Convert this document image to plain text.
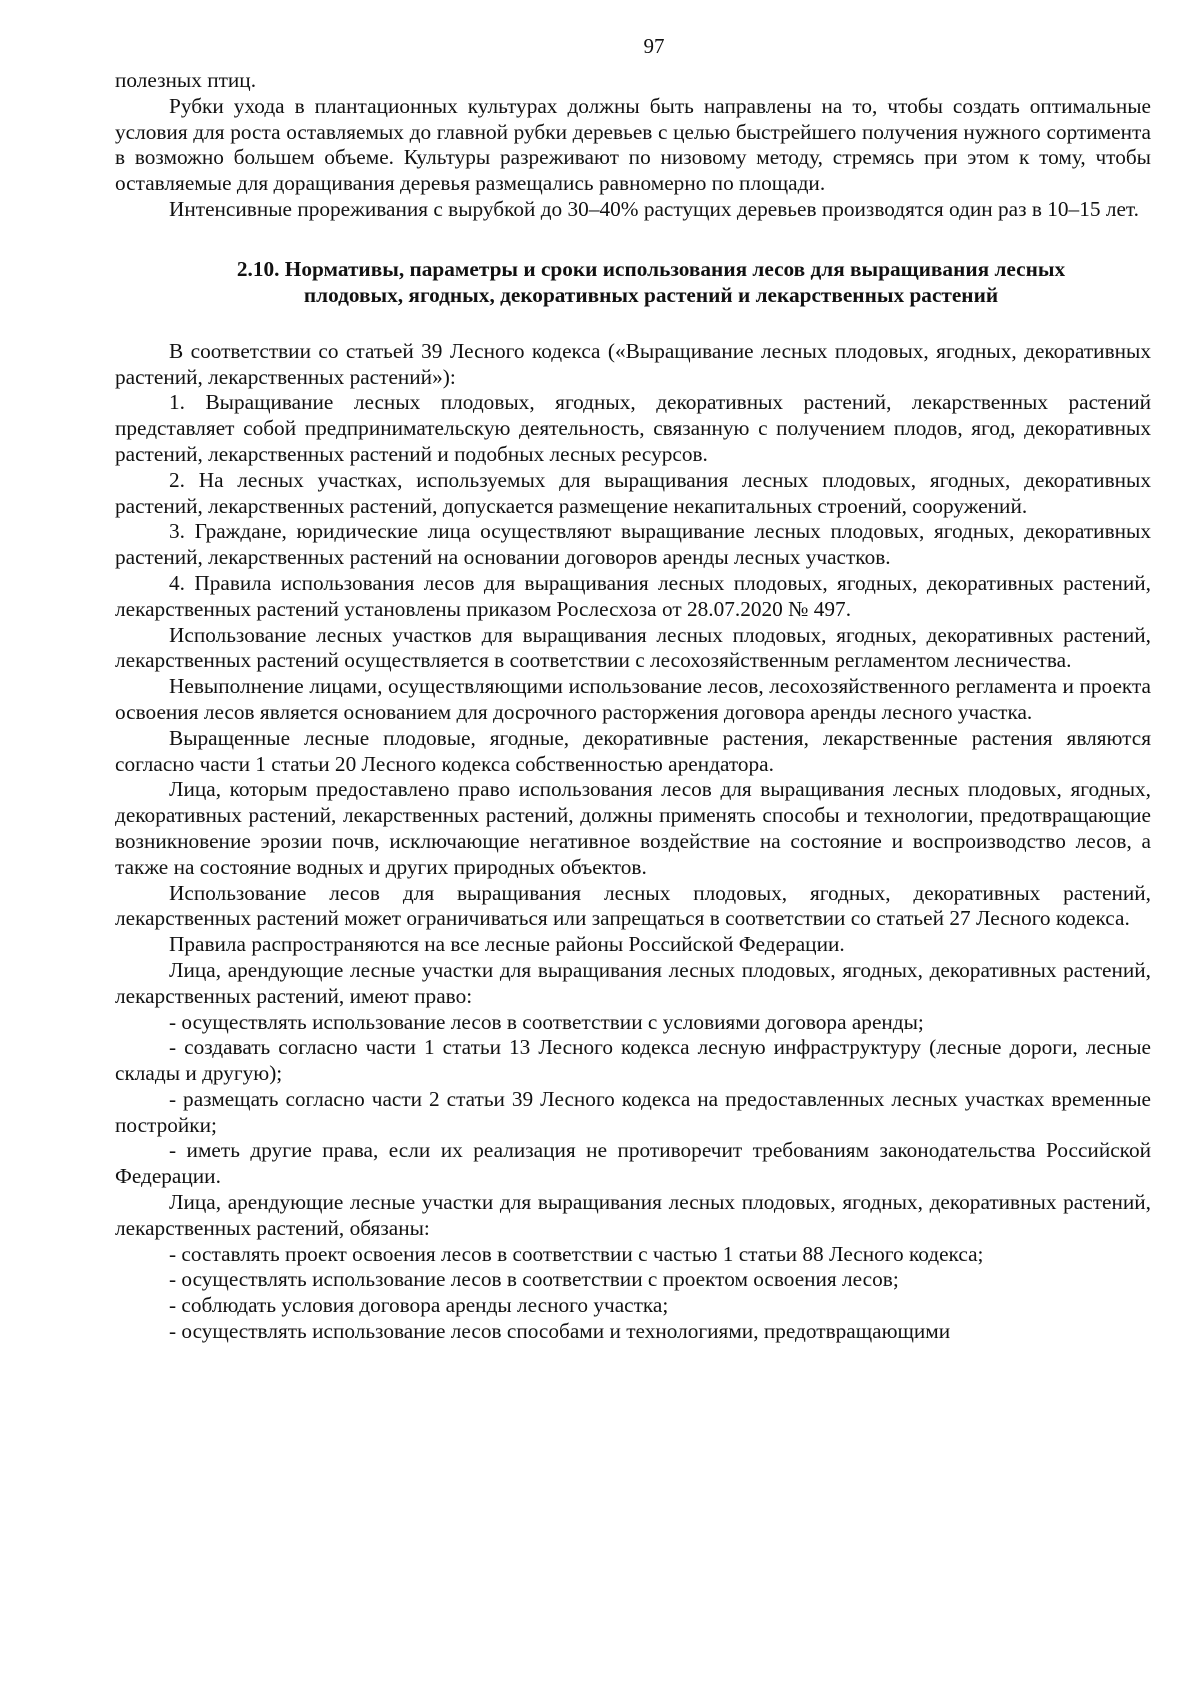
97

полезных птиц.

Рубки ухода в плантационных культурах должны быть направлены на то, чтобы создать оптимальные условия для роста оставляемых до главной рубки деревьев с целью быстрейшего получения нужного сортимента в возможно большем объеме. Культуры разреживают по низовому методу, стремясь при этом к тому, чтобы оставляемые для доращивания деревья размещались равномерно по площади.

Интенсивные прореживания с вырубкой до 30–40% растущих деревьев производятся один раз в 10–15 лет.

2.10. Нормативы, параметры и сроки использования лесов для выращивания лесных
плодовых, ягодных, декоративных растений и лекарственных растений

В соответствии со статьей 39 Лесного кодекса («Выращивание лесных плодовых, ягодных, декоративных растений, лекарственных растений»):

1. Выращивание лесных плодовых, ягодных, декоративных растений, лекарственных растений представляет собой предпринимательскую деятельность, связанную с получением плодов, ягод, декоративных растений, лекарственных растений и подобных лесных ресурсов.

2. На лесных участках, используемых для выращивания лесных плодовых, ягодных, декоративных растений, лекарственных растений, допускается размещение некапитальных строений, сооружений.

3. Граждане, юридические лица осуществляют выращивание лесных плодовых, ягодных, декоративных растений, лекарственных растений на основании договоров аренды лесных участков.

4. Правила использования лесов для выращивания лесных плодовых, ягодных, декоративных растений, лекарственных растений установлены приказом Рослесхоза от 28.07.2020 № 497.

Использование лесных участков для выращивания лесных плодовых, ягодных, декоративных растений, лекарственных растений осуществляется в соответствии с лесохозяйственным регламентом лесничества.

Невыполнение лицами, осуществляющими использование лесов, лесохозяйственного регламента и проекта освоения лесов является основанием для досрочного расторжения договора аренды лесного участка.

Выращенные лесные плодовые, ягодные, декоративные растения, лекарственные растения являются согласно части 1 статьи 20 Лесного кодекса собственностью арендатора.

Лица, которым предоставлено право использования лесов для выращивания лесных плодовых, ягодных, декоративных растений, лекарственных растений, должны применять способы и технологии, предотвращающие возникновение эрозии почв, исключающие негативное воздействие на состояние и воспроизводство лесов, а также на состояние водных и других природных объектов.

Использование лесов для выращивания лесных плодовых, ягодных, декоративных растений, лекарственных растений может ограничиваться или запрещаться в соответствии со статьей 27 Лесного кодекса.

Правила распространяются на все лесные районы Российской Федерации.

Лица, арендующие лесные участки для выращивания лесных плодовых, ягодных, декоративных растений, лекарственных растений, имеют право:

- осуществлять использование лесов в соответствии с условиями договора аренды;

- создавать согласно части 1 статьи 13 Лесного кодекса лесную инфраструктуру (лесные дороги, лесные склады и другую);

- размещать согласно части 2 статьи 39 Лесного кодекса на предоставленных лесных участках временные постройки;

- иметь другие права, если их реализация не противоречит требованиям законодательства Российской Федерации.

Лица, арендующие лесные участки для выращивания лесных плодовых, ягодных, декоративных растений, лекарственных растений, обязаны:

- составлять проект освоения лесов в соответствии с частью 1 статьи 88 Лесного кодекса;

- осуществлять использование лесов в соответствии с проектом освоения лесов;

- соблюдать условия договора аренды лесного участка;

- осуществлять использование лесов способами и технологиями, предотвращающими
